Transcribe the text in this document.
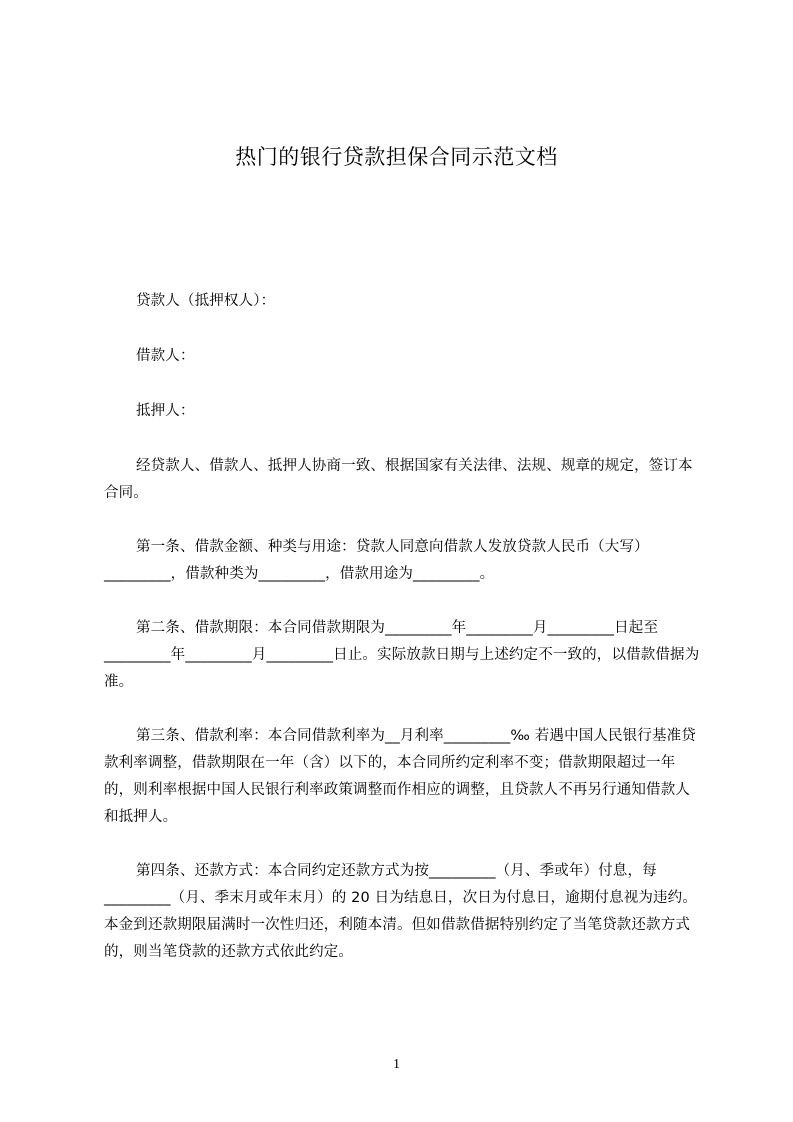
热门的银行贷款担保合同示范文档

贷款人（抵押权人）：

借款人：

抵押人：

经贷款人、借款人、抵押人协商一致、根据国家有关法律、法规、规章的规定，签订本合同。

第一条、借款金额、种类与用途：贷款人同意向借款人发放贷款人民币（大写）_________，借款种类为_________，借款用途为_________。

第二条、借款期限：本合同借款期限为_________年_________月_________日起至_________年_________月_________日止。实际放款日期与上述约定不一致的，以借款借据为准。

第三条、借款利率：本合同借款利率为__月利率_________‰ 若遇中国人民银行基准贷款利率调整，借款期限在一年（含）以下的，本合同所约定利率不变；借款期限超过一年的，则利率根据中国人民银行利率政策调整而作相应的调整，且贷款人不再另行通知借款人和抵押人。

第四条、还款方式：本合同约定还款方式为按_________（月、季或年）付息，每_________（月、季末月或年末月）的 20 日为结息日，次日为付息日，逾期付息视为违约。本金到还款期限届满时一次性归还，利随本清。但如借款借据特别约定了当笔贷款还款方式的，则当笔贷款的还款方式依此约定。

1
